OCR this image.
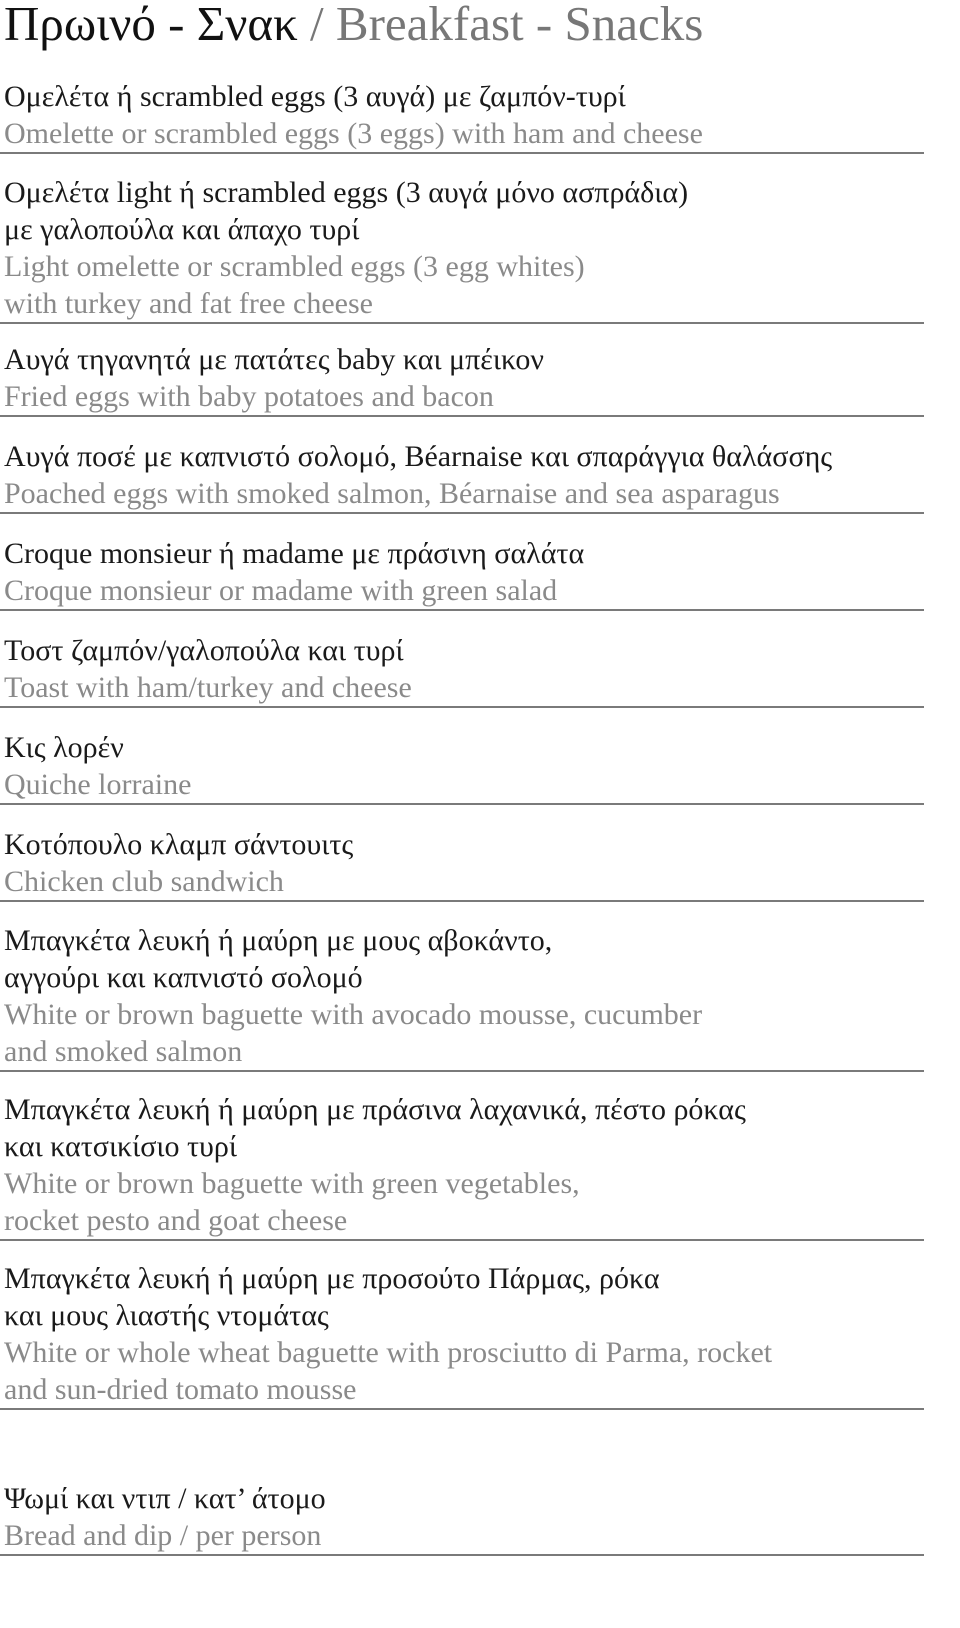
Πρωινό - Σνακ / Breakfast - Snacks
Ομελέτα ή scrambled eggs (3 αυγά) με ζαμπόν-τυρί
Omelette or scrambled eggs (3 eggs) with ham and cheese
Ομελέτα light ή scrambled eggs (3 αυγά μόνο ασπράδια)
με γαλοπούλα και άπαχο τυρί
Light omelette or scrambled eggs (3 egg whites)
with turkey and fat free cheese
Αυγά τηγανητά με πατάτες baby και μπέικον
Fried eggs with baby potatoes and bacon
Αυγά ποσέ με καπνιστό σολομό, Béarnaise και σπαράγγια θαλάσσης
Poached eggs with smoked salmon, Béarnaise and sea asparagus
Croque monsieur ή madame με πράσινη σαλάτα
Croque monsieur or madame with green salad
Τοστ ζαμπόν/γαλοπούλα και τυρί
Toast with ham/turkey and cheese
Κις λορέν
Quiche lorraine
Κοτόπουλο κλαμπ σάντουιτς
Chicken club sandwich
Μπαγκέτα λευκή ή μαύρη με μους αβοκάντο,
αγγούρι και καπνιστό σολομό
White or brown baguette with avocado mousse, cucumber
and smoked salmon
Μπαγκέτα λευκή ή μαύρη με πράσινα λαχανικά, πέστο ρόκας
και κατσικίσιο τυρί
White or brown baguette with green vegetables,
rocket pesto and goat cheese
Μπαγκέτα λευκή ή μαύρη με προσούτο Πάρμας, ρόκα
και μους λιαστής ντομάτας
White or whole wheat baguette with prosciutto di Parma, rocket
and sun-dried tomato mousse
Ψωμί και ντιπ / κατ’ άτομο
Bread and dip / per person
